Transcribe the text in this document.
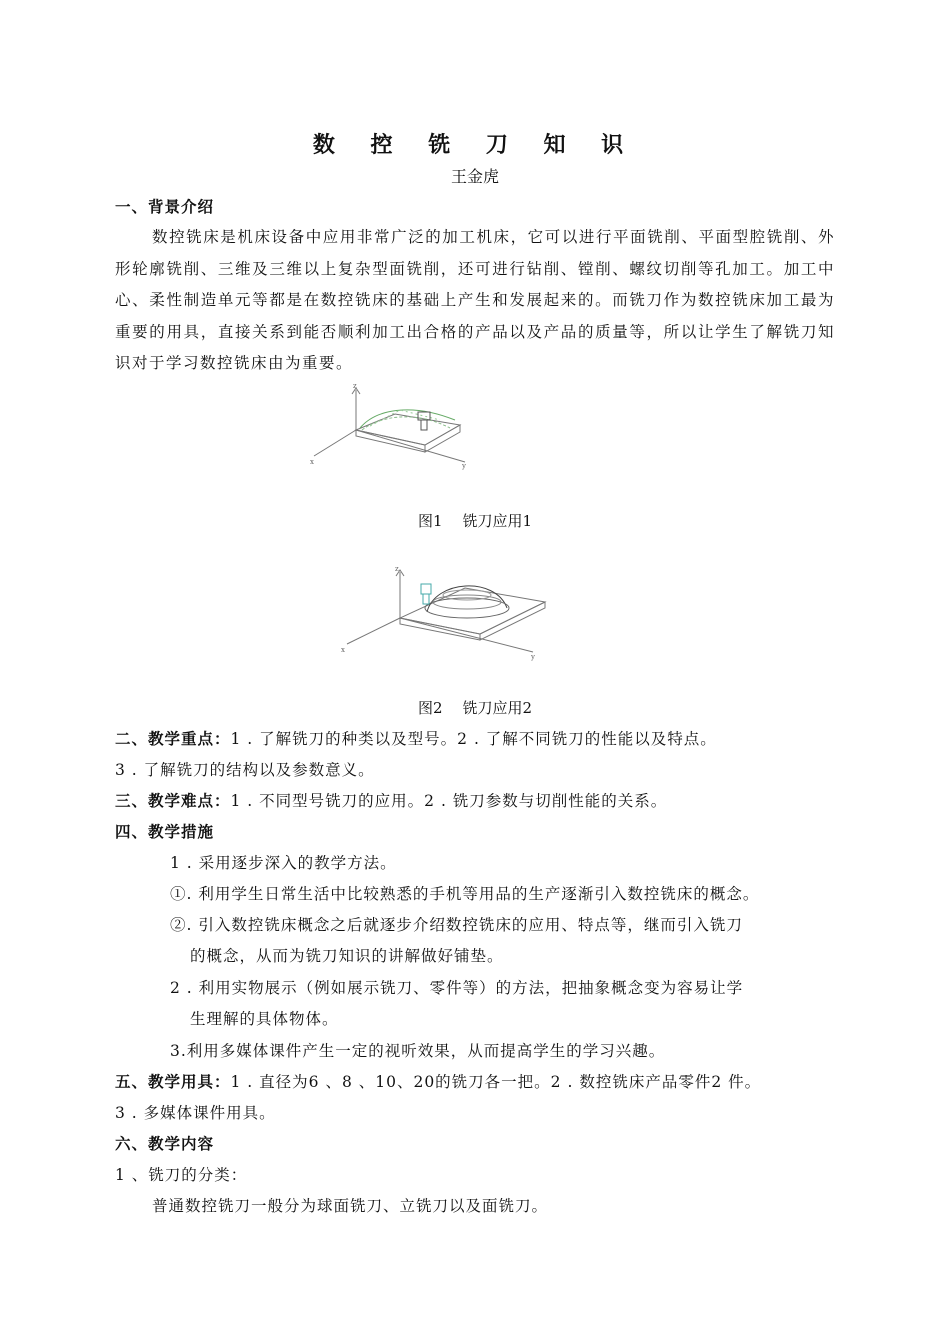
数 控 铣 刀 知 识
王金虎
一、背景介绍
数控铣床是机床设备中应用非常广泛的加工机床，它可以进行平面铣削、平面型腔铣削、外形轮廓铣削、三维及三维以上复杂型面铣削，还可进行钻削、镗削、螺纹切削等孔加工。加工中心、柔性制造单元等都是在数控铣床的基础上产生和发展起来的。而铣刀作为数控铣床加工最为重要的用具，直接关系到能否顺利加工出合格的产品以及产品的质量等，所以让学生了解铣刀知识对于学习数控铣床由为重要。
z
x	y
图1 铣刀应用1
z
x
y
图2 铣刀应用2
二、教学重点：1 . 了解铣刀的种类以及型号。2 . 了解不同铣刀的性能以及特点。
3 . 了解铣刀的结构以及参数意义。
三、教学难点：1 . 不同型号铣刀的应用。2 . 铣刀参数与切削性能的关系。
四、教学措施
1 . 采用逐步深入的教学方法。
①. 利用学生日常生活中比较熟悉的手机等用品的生产逐渐引入数控铣床的概念。
②. 引入数控铣床概念之后就逐步介绍数控铣床的应用、特点等，继而引入铣刀
的概念，从而为铣刀知识的讲解做好铺垫。
2 . 利用实物展示（例如展示铣刀、零件等）的方法，把抽象概念变为容易让学
生理解的具体物体。
3.利用多媒体课件产生一定的视听效果，从而提高学生的学习兴趣。
五、教学用具：1 . 直径为6 、8 、10、20的铣刀各一把。2 . 数控铣床产品零件2 件。
3 . 多媒体课件用具。
六、教学内容
1 、铣刀的分类：
普通数控铣刀一般分为球面铣刀、立铣刀以及面铣刀。
